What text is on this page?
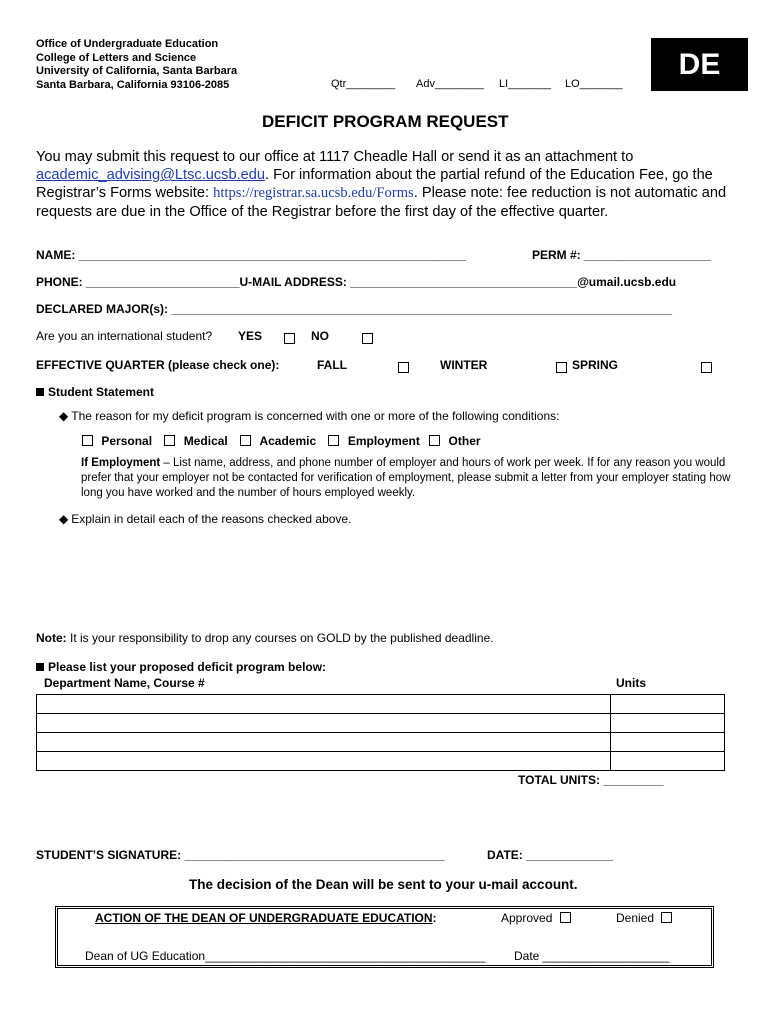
Office of Undergraduate Education
College of Letters and Science
University of California, Santa Barbara
Santa Barbara, California 93106-2085	Qtr________ Adv________ LI_______ LO_______
DE
DEFICIT PROGRAM REQUEST
You may submit this request to our office at 1117 Cheadle Hall or send it as an attachment to academic_advising@Ltsc.ucsb.edu. For information about the partial refund of the Education Fee, go the Registrar’s Forms website: https://registrar.sa.ucsb.edu/Forms. Please note: fee reduction is not automatic and requests are due in the Office of the Registrar before the first day of the effective quarter.
NAME: __________________________________________________________	PERM #: ___________________
PHONE: _______________________U-MAIL ADDRESS: __________________________________@umail.ucsb.edu
DECLARED MAJOR(s): ___________________________________________________________________________
Are you an international student? YES
	NO

EFFECTIVE QUARTER (please check one):	FALL
	WINTER
	SPRING
Student Statement
◆ The reason for my deficit program is concerned with one or more of the following conditions:
Personal	Medical	Academic	Employment Other
If Employment – List name, address, and phone number of employer and hours of work per week. If for any reason you would prefer that your employer not be contacted for verification of employment, please submit a letter from your employer stating how long you have worked and the number of hours employed weekly.
◆ Explain in detail each of the reasons checked above.
Note: It is your responsibility to drop any courses on GOLD by the published deadline.
Please list your proposed deficit program below:
Department Name, Course #	Units

TOTAL UNITS: _________
STUDENT’S SIGNATURE: _______________________________________	DATE: _____________
The decision of the Dean will be sent to your u-mail account.
ACTION OF THE DEAN OF UNDERGRADUATE EDUCATION:	Approved	Denied
Dean of UG Education__________________________________________ Date ___________________
